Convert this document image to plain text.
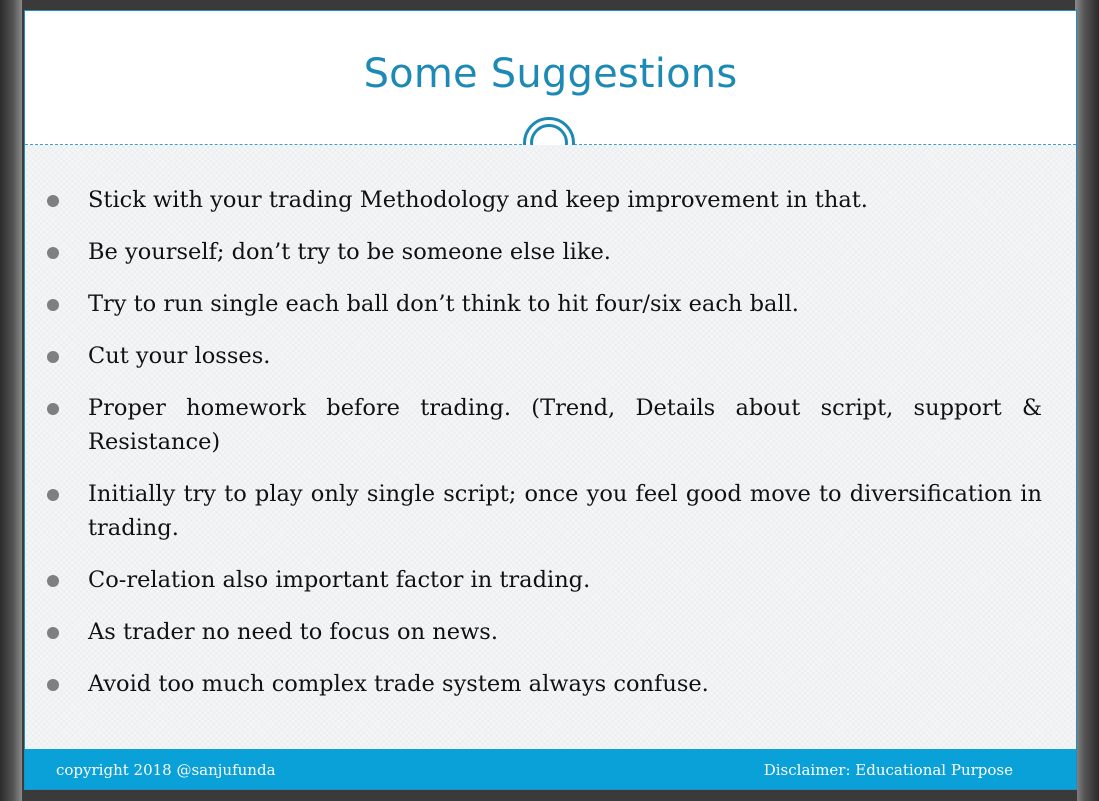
Some Suggestions
Stick with your trading Methodology and keep improvement in that.
Be yourself; don’t try to be someone else like.
Try to run single each ball don’t think to hit four/six each ball.
Cut your losses.
Proper homework before trading. (Trend, Details about script, support & Resistance)
Initially try to play only single script; once you feel good move to diversification in trading.
Co-relation also important factor in trading.
As trader no need to focus on news.
Avoid too much complex trade system always confuse.
copyright 2018 @sanjufunda	Disclaimer: Educational Purpose
